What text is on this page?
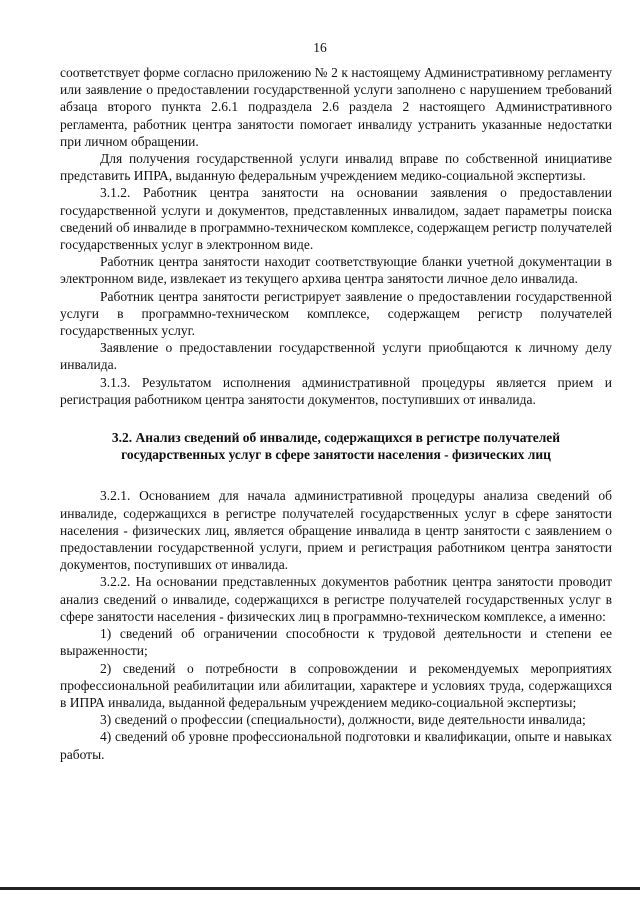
16

соответствует форме согласно приложению № 2 к настоящему Административному регламенту или заявление о предоставлении государственной услуги заполнено с нарушением требований абзаца второго пункта 2.6.1 подраздела 2.6 раздела 2 настоящего Административного регламента, работник центра занятости помогает инвалиду устранить указанные недостатки при личном обращении.

Для получения государственной услуги инвалид вправе по собственной инициативе представить ИПРА, выданную федеральным учреждением медико-социальной экспертизы.

3.1.2. Работник центра занятости на основании заявления о предоставлении государственной услуги и документов, представленных инвалидом, задает параметры поиска сведений об инвалиде в программно-техническом комплексе, содержащем регистр получателей государственных услуг в электронном виде.

Работник центра занятости находит соответствующие бланки учетной документации в электронном виде, извлекает из текущего архива центра занятости личное дело инвалида.

Работник центра занятости регистрирует заявление о предоставлении государственной услуги в программно-техническом комплексе, содержащем регистр получателей государственных услуг.

Заявление о предоставлении государственной услуги приобщаются к личному делу инвалида.

3.1.3. Результатом исполнения административной процедуры является прием и регистрация работником центра занятости документов, поступивших от инвалида.

3.2. Анализ сведений об инвалиде, содержащихся в регистре получателей
государственных услуг в сфере занятости населения - физических лиц

3.2.1. Основанием для начала административной процедуры анализа сведений об инвалиде, содержащихся в регистре получателей государственных услуг в сфере занятости населения - физических лиц, является обращение инвалида в центр занятости с заявлением о предоставлении государственной услуги, прием и регистрация работником центра занятости документов, поступивших от инвалида.

3.2.2. На основании представленных документов работник центра занятости проводит анализ сведений о инвалиде, содержащихся в регистре получателей государственных услуг в сфере занятости населения - физических лиц в программно-техническом комплексе, а именно:

1) сведений об ограничении способности к трудовой деятельности и степени ее выраженности;

2) сведений о потребности в сопровождении и рекомендуемых мероприятиях профессиональной реабилитации или абилитации, характере и условиях труда, содержащихся в ИПРА инвалида, выданной федеральным учреждением медико-социальной экспертизы;

3) сведений о профессии (специальности), должности, виде деятельности инвалида;

4) сведений об уровне профессиональной подготовки и квалификации, опыте и навыках работы.
